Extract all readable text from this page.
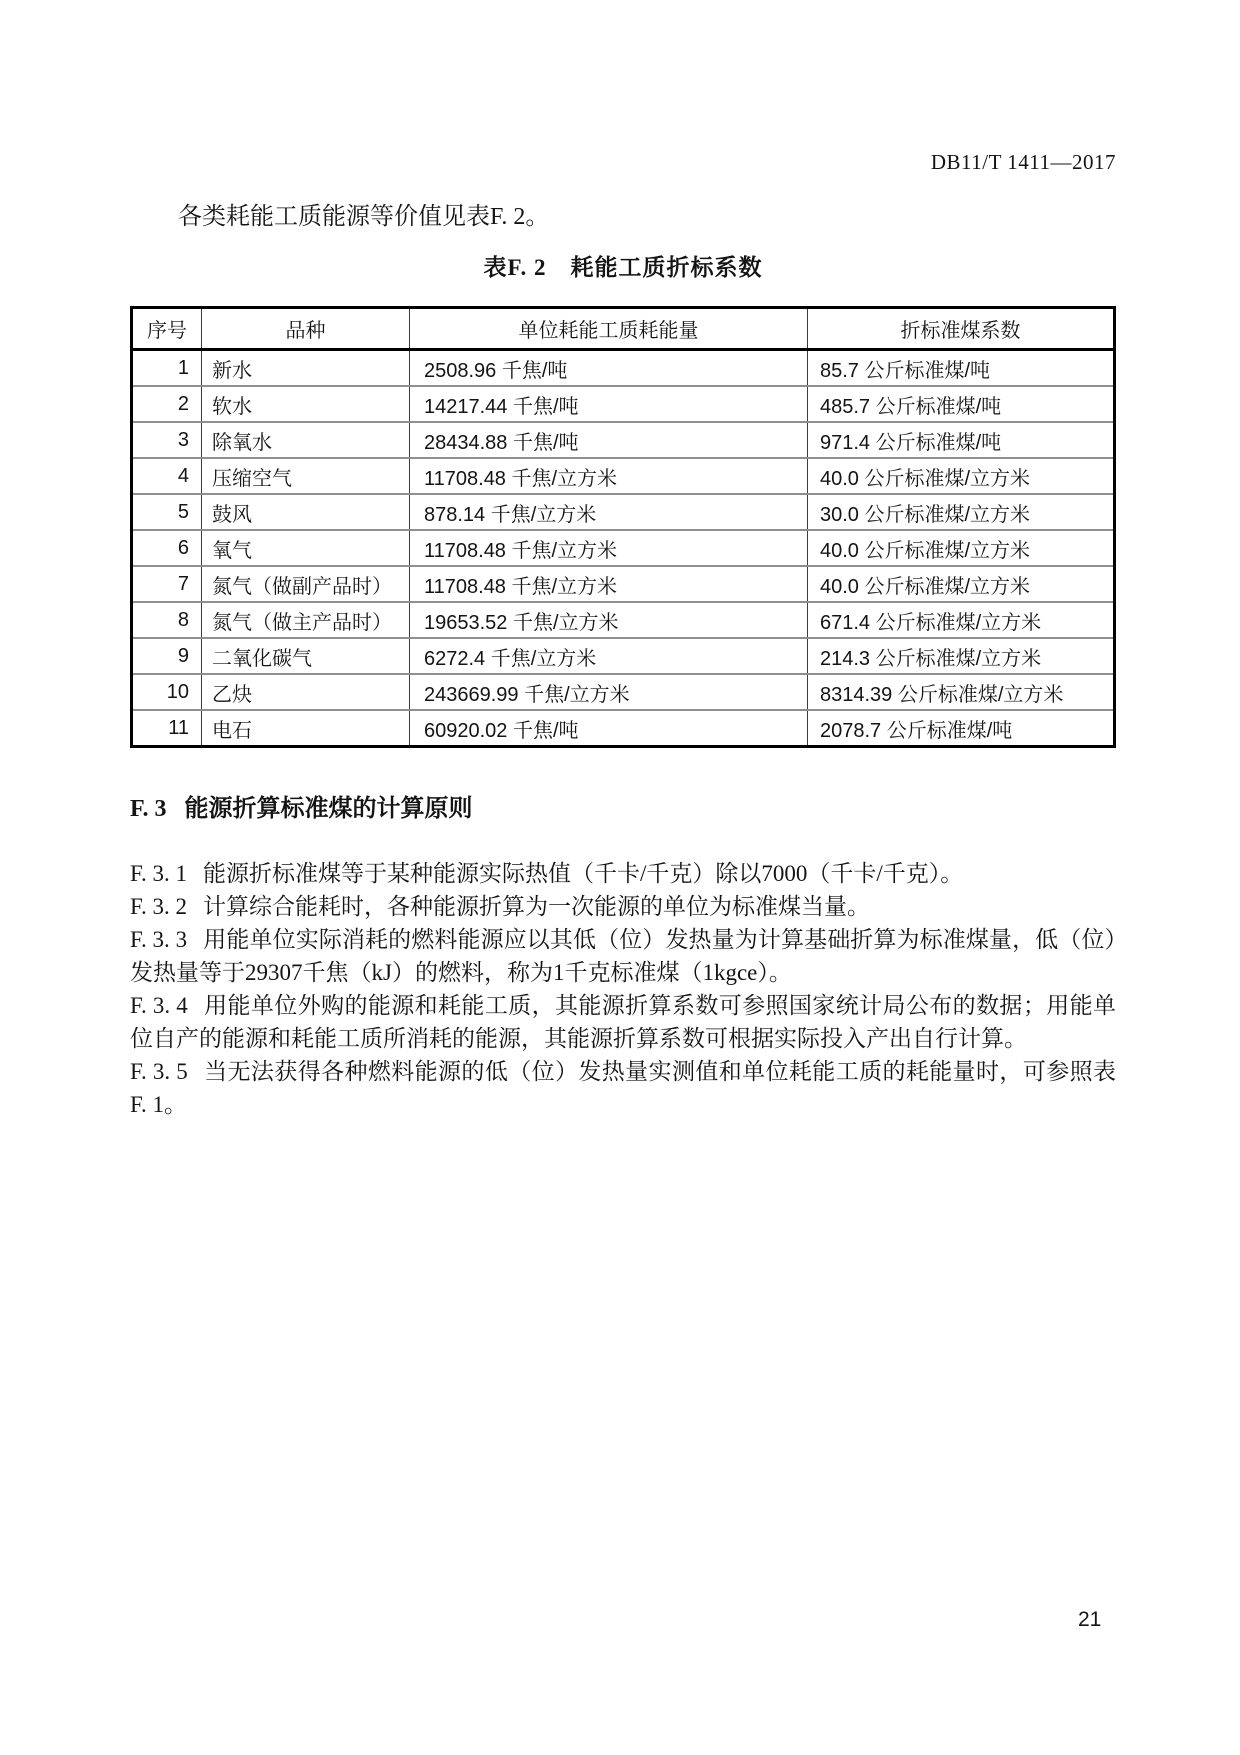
DB11/T 1411—2017

各类耗能工质能源等价值见表F. 2。

表F. 2　耗能工质折标系数
序号	品种	单位耗能工质耗能量	折标准煤系数
1	新水	2508.96 千焦/吨	85.7 公斤标准煤/吨
2	软水	14217.44 千焦/吨	485.7 公斤标准煤/吨
3	除氧水	28434.88 千焦/吨	971.4 公斤标准煤/吨
4	压缩空气	11708.48 千焦/立方米	40.0 公斤标准煤/立方米
5	鼓风	878.14 千焦/立方米	30.0 公斤标准煤/立方米
6	氧气	11708.48 千焦/立方米	40.0 公斤标准煤/立方米
7	氮气（做副产品时）	11708.48 千焦/立方米	40.0 公斤标准煤/立方米
8	氮气（做主产品时）	19653.52 千焦/立方米	671.4 公斤标准煤/立方米
9	二氧化碳气	6272.4 千焦/立方米	214.3 公斤标准煤/立方米
10	乙炔	243669.99 千焦/立方米	8314.39 公斤标准煤/立方米
11	电石	60920.02 千焦/吨	2078.7 公斤标准煤/吨
F. 3 能源折算标准煤的计算原则

F. 3. 1 能源折标准煤等于某种能源实际热值（千卡/千克）除以7000（千卡/千克）。

F. 3. 2 计算综合能耗时，各种能源折算为一次能源的单位为标准煤当量。

F. 3. 3 用能单位实际消耗的燃料能源应以其低（位）发热量为计算基础折算为标准煤量，低（位）发热量等于29307千焦（kJ）的燃料，称为1千克标准煤（1kgce）。

F. 3. 4 用能单位外购的能源和耗能工质，其能源折算系数可参照国家统计局公布的数据；用能单位自产的能源和耗能工质所消耗的能源，其能源折算系数可根据实际投入产出自行计算。

F. 3. 5 当无法获得各种燃料能源的低（位）发热量实测值和单位耗能工质的耗能量时，可参照表F. 1。

21
